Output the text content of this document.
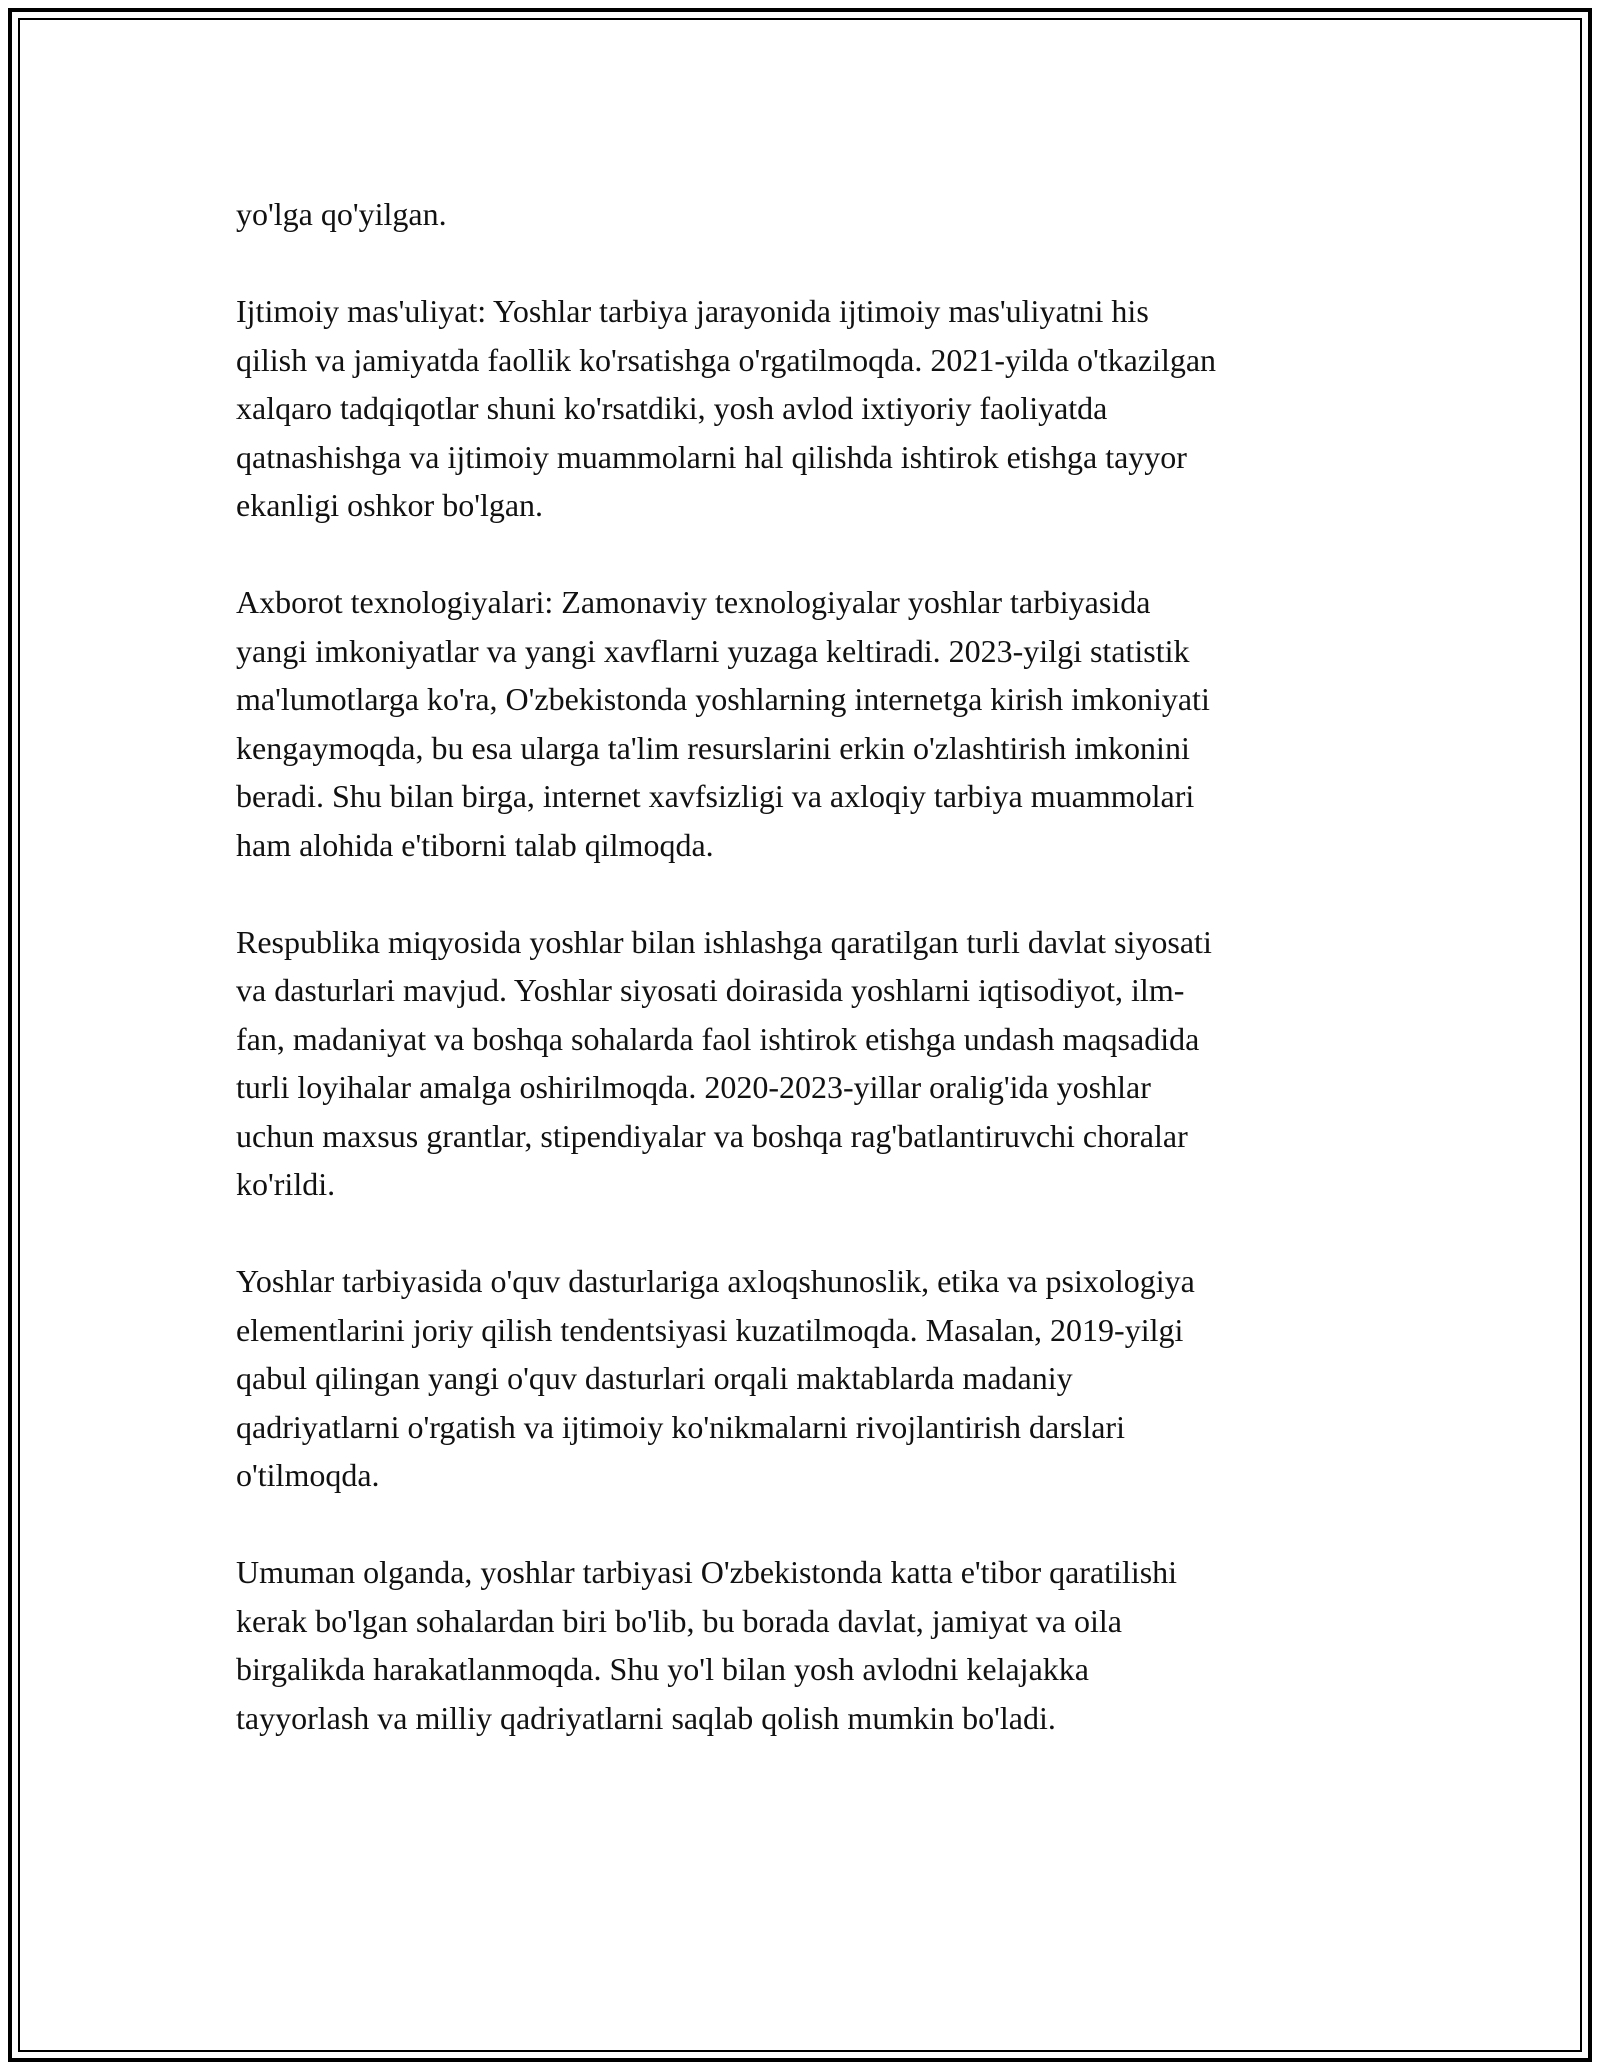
yo'lga qo'yilgan.

Ijtimoiy mas'uliyat: Yoshlar tarbiya jarayonida ijtimoiy mas'uliyatni his
qilish va jamiyatda faollik ko'rsatishga o'rgatilmoqda. 2021-yilda o'tkazilgan
xalqaro tadqiqotlar shuni ko'rsatdiki, yosh avlod ixtiyoriy faoliyatda
qatnashishga va ijtimoiy muammolarni hal qilishda ishtirok etishga tayyor
ekanligi oshkor bo'lgan.

Axborot texnologiyalari: Zamonaviy texnologiyalar yoshlar tarbiyasida
yangi imkoniyatlar va yangi xavflarni yuzaga keltiradi. 2023-yilgi statistik
ma'lumotlarga ko'ra, O'zbekistonda yoshlarning internetga kirish imkoniyati
kengaymoqda, bu esa ularga ta'lim resurslarini erkin o'zlashtirish imkonini
beradi. Shu bilan birga, internet xavfsizligi va axloqiy tarbiya muammolari
ham alohida e'tiborni talab qilmoqda.

Respublika miqyosida yoshlar bilan ishlashga qaratilgan turli davlat siyosati
va dasturlari mavjud. Yoshlar siyosati doirasida yoshlarni iqtisodiyot, ilm-
fan, madaniyat va boshqa sohalarda faol ishtirok etishga undash maqsadida
turli loyihalar amalga oshirilmoqda. 2020-2023-yillar oralig'ida yoshlar
uchun maxsus grantlar, stipendiyalar va boshqa rag'batlantiruvchi choralar
ko'rildi.

Yoshlar tarbiyasida o'quv dasturlariga axloqshunoslik, etika va psixologiya
elementlarini joriy qilish tendentsiyasi kuzatilmoqda. Masalan, 2019-yilgi
qabul qilingan yangi o'quv dasturlari orqali maktablarda madaniy
qadriyatlarni o'rgatish va ijtimoiy ko'nikmalarni rivojlantirish darslari
o'tilmoqda.

Umuman olganda, yoshlar tarbiyasi O'zbekistonda katta e'tibor qaratilishi
kerak bo'lgan sohalardan biri bo'lib, bu borada davlat, jamiyat va oila
birgalikda harakatlanmoqda. Shu yo'l bilan yosh avlodni kelajakka
tayyorlash va milliy qadriyatlarni saqlab qolish mumkin bo'ladi.
